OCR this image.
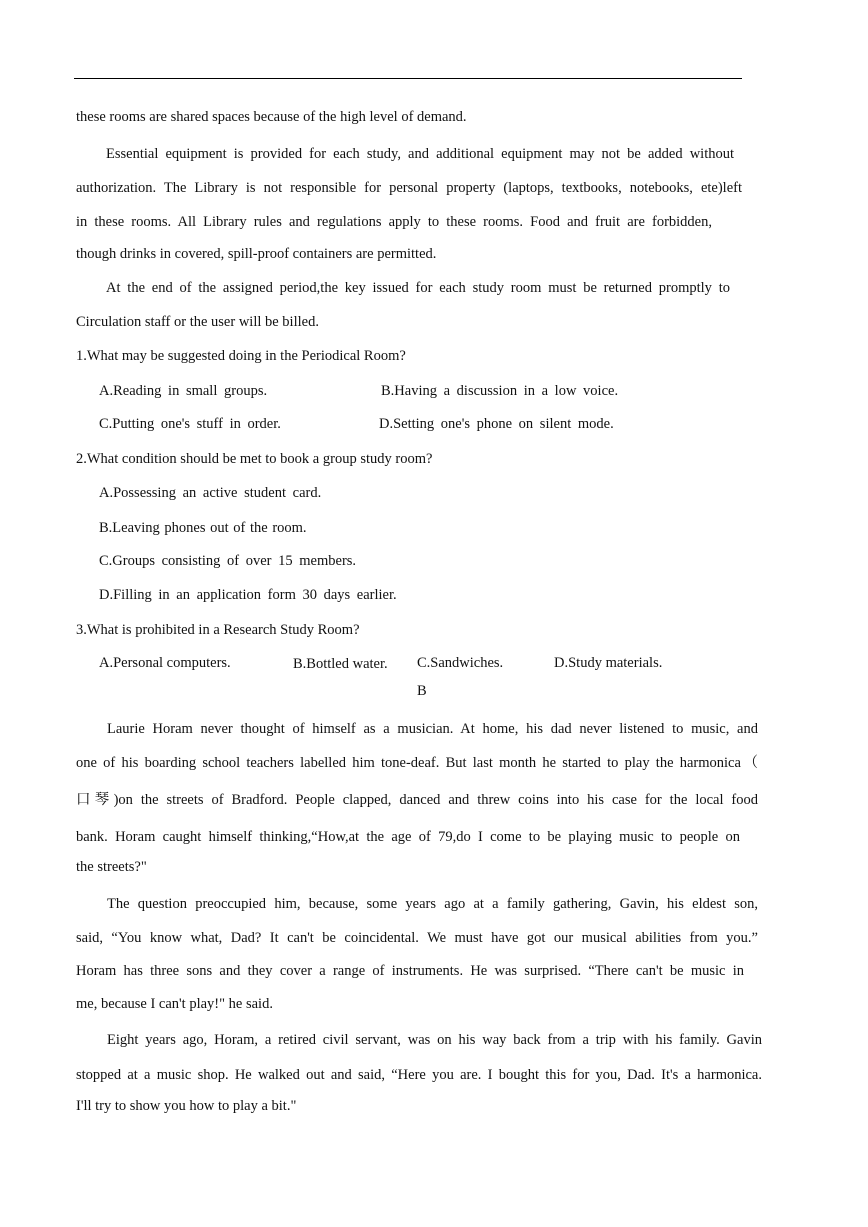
these rooms are shared spaces because of the high level of demand.
Essential equipment is provided for each study, and additional equipment may not be added without
authorization. The Library is not responsible for personal property (laptops, textbooks, notebooks, ete)left
in these rooms. All Library rules and regulations apply to these rooms. Food and fruit are forbidden,
though drinks in covered, spill-proof containers are permitted.
At the end of the assigned period,the key issued for each study room must be returned promptly to
Circulation staff or the user will be billed.
1.What may be suggested doing in the Periodical Room?
A.Reading in small groups.	B.Having a discussion in a low voice.
C.Putting one's stuff in order.	D.Setting one's phone on silent mode.
2.What condition should be met to book a group study room?
A.Possessing an active student card.
B.Leaving phones out of the room.
C.Groups consisting of over 15 members.
D.Filling in an application form 30 days earlier.
3.What is prohibited in a Research Study Room?
A.Personal computers.	B.Bottled water. C.Sandwiches.	D.Study materials.
B
Laurie Horam never thought of himself as a musician. At home, his dad never listened to music, and
one of his boarding school teachers labelled him tone-deaf. But last month he started to play the harmonica（
口琴)on the streets of Bradford. People clapped, danced and threw coins into his case for the local food
bank. Horam caught himself thinking,“How,at the age of 79,do I come to be playing music to people on
the streets?"
The question preoccupied him, because, some years ago at a family gathering, Gavin, his eldest son,
said, “You know what, Dad? It can't be coincidental. We must have got our musical abilities from you.”
Horam has three sons and they cover a range of instruments. He was surprised. “There can't be music in
me, because I can't play!" he said.
Eight years ago, Horam, a retired civil servant, was on his way back from a trip with his family. Gavin
stopped at a music shop. He walked out and said, “Here you are. I bought this for you, Dad. It's a harmonica.
I'll try to show you how to play a bit."
